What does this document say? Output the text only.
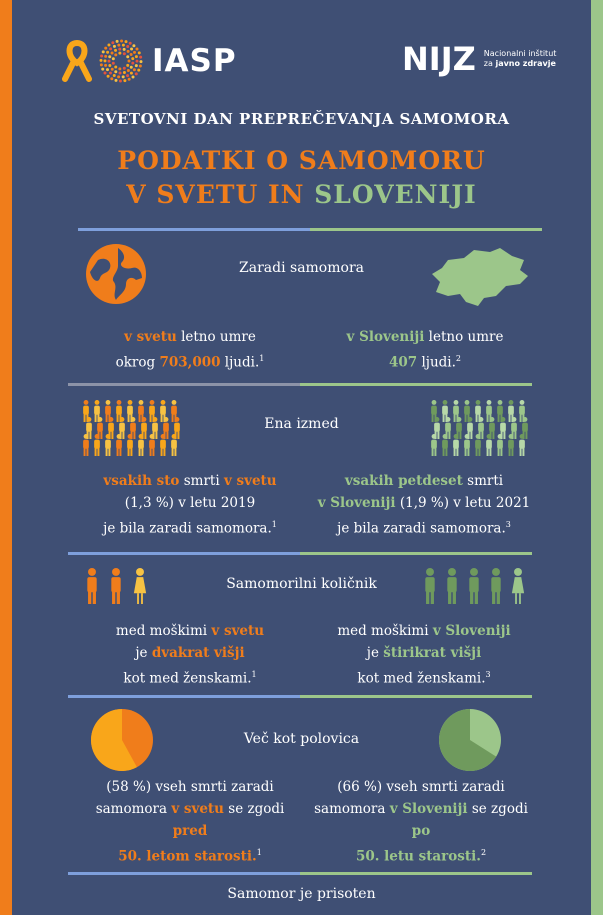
IASP	NIJZ Nacionalni inštitut
za javno zdravje
SVETOVNI DAN PREPREČEVANJA SAMOMORA
PODATKI O SAMOMORU
V SVETU IN SLOVENIJI
Zaradi samomora
v svetu letno umre
okrog 703,000 ljudi.$^1$
v Sloveniji letno umre
407 ljudi.$^2$
Ena izmed
vsakih sto smrti v svetu
(1,3 %) v letu 2019
je bila zaradi samomora.$^1$
vsakih petdeset smrti
v Sloveniji (1,9 %) v letu 2021
je bila zaradi samomora.$^3$
Samomorilni količnik
med moškimi v svetu
je dvakrat višji
kot med ženskami.$^1$
med moškimi v Sloveniji
je štirikrat višji
kot med ženskami.$^3$
Več kot polovica
(58 %) vseh smrti zaradi
samomora v svetu se zgodi
pred
50. letom starosti.$^1$
(66 %) vseh smrti zaradi
samomora v Sloveniji se zgodi
po
50. letu starosti.$^2$
Samomor je prisoten
